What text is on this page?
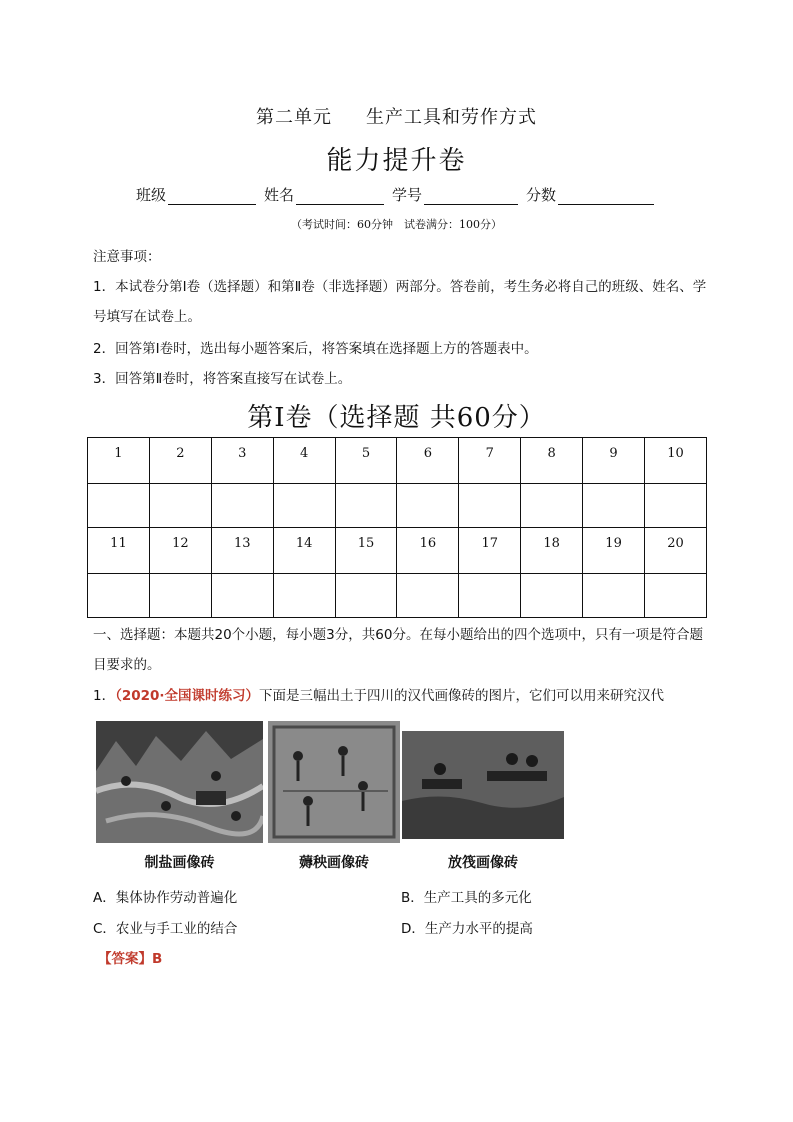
第二单元 生产工具和劳作方式
能力提升卷
班级	姓名	学号	分数
（考试时间：60分钟　试卷满分：100分）
注意事项：
1．本试卷分第Ⅰ卷（选择题）和第Ⅱ卷（非选择题）两部分。答卷前，考生务必将自己的班级、姓名、学号填写在试卷上。
2．回答第Ⅰ卷时，选出每小题答案后，将答案填在选择题上方的答题表中。
3．回答第Ⅱ卷时，将答案直接写在试卷上。
第Ⅰ卷（选择题 共60分）
1	2	3	4	5	6	7	8	9	10

11	12	13	14	15	16	17	18	19	20

一、选择题：本题共20个小题，每小题3分，共60分。在每小题给出的四个选项中，只有一项是符合题目要求的。
1．（2020·全国课时练习）下面是三幅出土于四川的汉代画像砖的图片，它们可以用来研究汉代
制盐画像砖	薅秧画像砖	放筏画像砖
A．集体协作劳动普遍化	B．生产工具的多元化
C．农业与手工业的结合	D．生产力水平的提高
【答案】B
